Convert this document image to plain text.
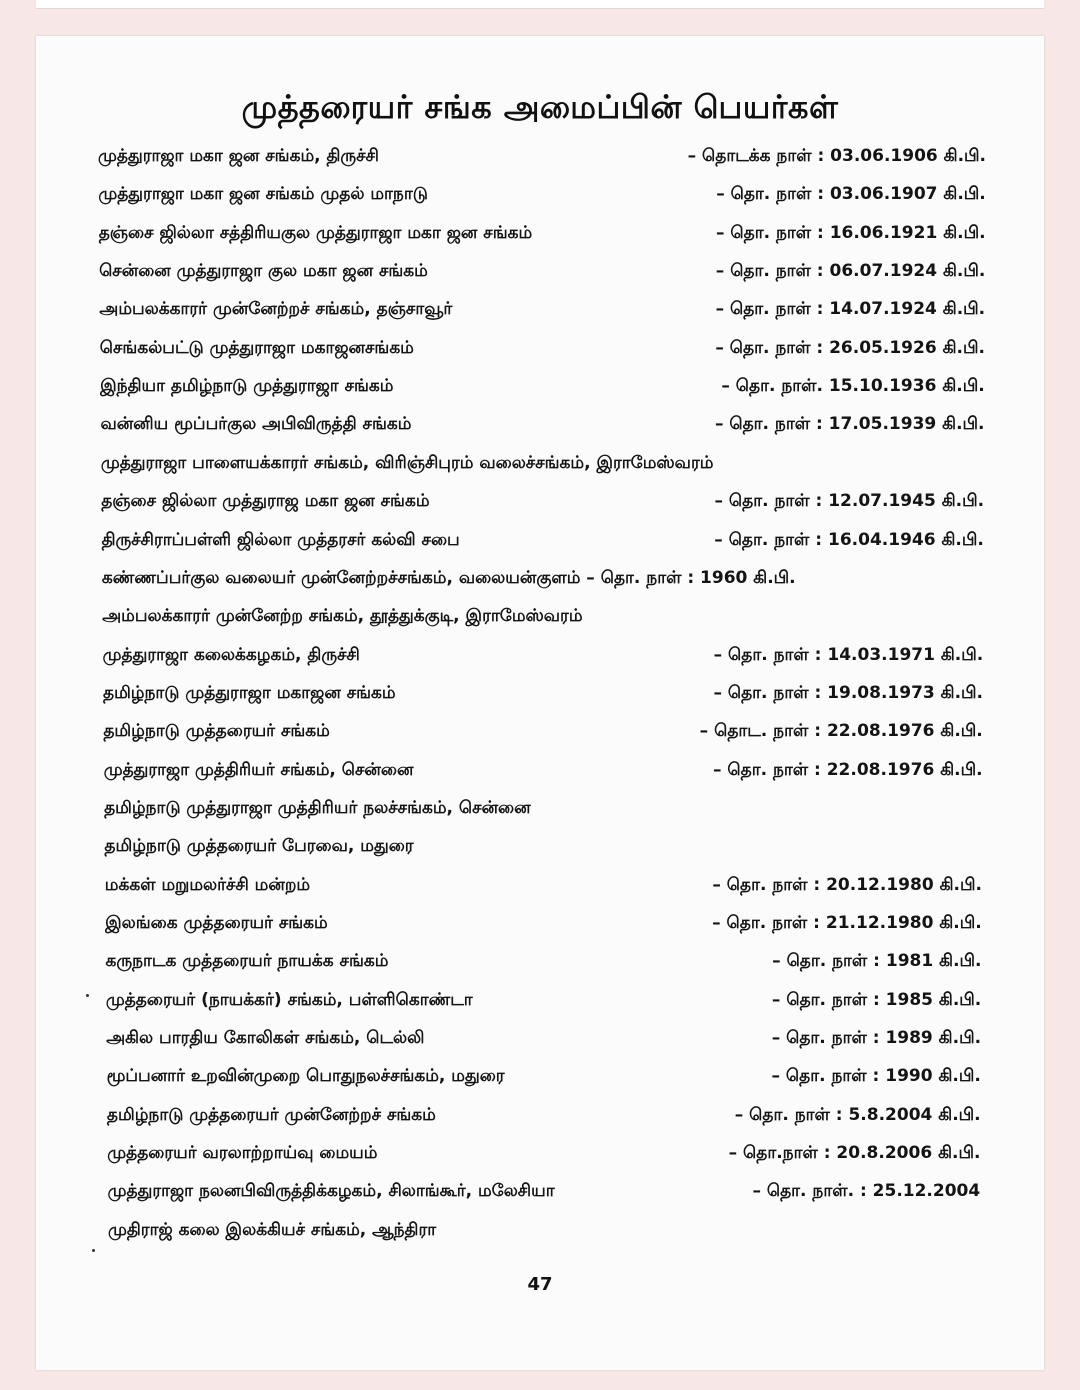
முத்தரையர் சங்க அமைப்பின் பெயர்கள்
முத்துராஜா மகா ஜன சங்கம், திருச்சி	– தொடக்க நாள் : 03.06.1906 கி.பி.
முத்துராஜா மகா ஜன சங்கம் முதல் மாநாடு	– தொ. நாள் : 03.06.1907 கி.பி.
தஞ்சை ஜில்லா சத்திரியகுல முத்துராஜா மகா ஜன சங்கம்	– தொ. நாள் : 16.06.1921 கி.பி.
சென்னை முத்துராஜா குல மகா ஜன சங்கம்	– தொ. நாள் : 06.07.1924 கி.பி.
அம்பலக்காரர் முன்னேற்றச் சங்கம், தஞ்சாவூர்	– தொ. நாள் : 14.07.1924 கி.பி.
செங்கல்பட்டு முத்துராஜா மகாஜனசங்கம்	– தொ. நாள் : 26.05.1926 கி.பி.
இந்தியா தமிழ்நாடு முத்துராஜா சங்கம்	– தொ. நாள். 15.10.1936 கி.பி.
வன்னிய மூப்பர்குல அபிவிருத்தி சங்கம்	– தொ. நாள் : 17.05.1939 கி.பி.
முத்துராஜா பாளையக்காரர் சங்கம், விரிஞ்சிபுரம் வலைச்சங்கம், இராமேஸ்வரம்
தஞ்சை ஜில்லா முத்துராஜ மகா ஜன சங்கம்	– தொ. நாள் : 12.07.1945 கி.பி.
திருச்சிராப்பள்ளி ஜில்லா முத்தரசர் கல்வி சபை	– தொ. நாள் : 16.04.1946 கி.பி.
கண்ணப்பர்குல வலையர் முன்னேற்றச்சங்கம், வலையன்குளம் – தொ. நாள் : 1960 கி.பி.
அம்பலக்காரர் முன்னேற்ற சங்கம், தூத்துக்குடி, இராமேஸ்வரம்
முத்துராஜா கலைக்கழகம், திருச்சி	– தொ. நாள் : 14.03.1971 கி.பி.
தமிழ்நாடு முத்துராஜா மகாஜன சங்கம்	– தொ. நாள் : 19.08.1973 கி.பி.
தமிழ்நாடு முத்தரையர் சங்கம்	– தொட. நாள் : 22.08.1976 கி.பி.
முத்துராஜா முத்திரியர் சங்கம், சென்னை	– தொ. நாள் : 22.08.1976 கி.பி.
தமிழ்நாடு முத்துராஜா முத்திரியர் நலச்சங்கம், சென்னை
தமிழ்நாடு முத்தரையர் பேரவை, மதுரை
மக்கள் மறுமலர்ச்சி மன்றம்	– தொ. நாள் : 20.12.1980 கி.பி.
இலங்கை முத்தரையர் சங்கம்	– தொ. நாள் : 21.12.1980 கி.பி.
கருநாடக முத்தரையர் நாயக்க சங்கம்	– தொ. நாள் : 1981 கி.பி.
முத்தரையர் (நாயக்கர்) சங்கம், பள்ளிகொண்டா	– தொ. நாள் : 1985 கி.பி.
அகில பாரதிய கோலிகள் சங்கம், டெல்லி	– தொ. நாள் : 1989 கி.பி.
மூப்பனார் உறவின்முறை பொதுநலச்சங்கம், மதுரை	– தொ. நாள் : 1990 கி.பி.
தமிழ்நாடு முத்தரையர் முன்னேற்றச் சங்கம்	– தொ. நாள் : 5.8.2004 கி.பி.
முத்தரையர் வரலாற்றாய்வு மையம்	– தொ.நாள் : 20.8.2006 கி.பி.
முத்துராஜா நலனபிவிருத்திக்கழகம், சிலாங்கூர், மலேசியா	– தொ. நாள். : 25.12.2004
முதிராஜ் கலை இலக்கியச் சங்கம், ஆந்திரா
47
